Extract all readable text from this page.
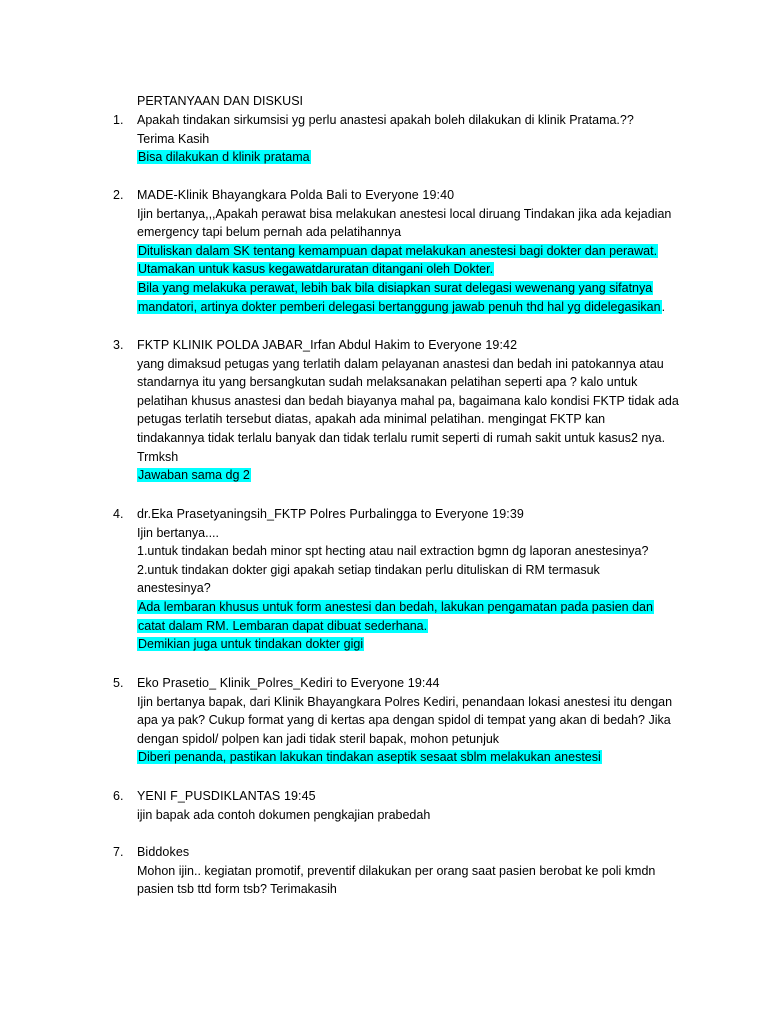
PERTANYAAN DAN DISKUSI
1. Apakah tindakan sirkumsisi yg perlu anastesi apakah boleh dilakukan di klinik Pratama.??
Terima Kasih
Bisa dilakukan d klinik pratama
2. MADE-Klinik Bhayangkara Polda Bali to Everyone 19:40
Ijin bertanya,,,Apakah perawat bisa melakukan anestesi local diruang Tindakan jika ada kejadian
emergency tapi belum pernah ada pelatihannya
Dituliskan dalam SK tentang kemampuan dapat melakukan anestesi bagi dokter dan perawat.
Utamakan untuk kasus kegawatdaruratan ditangani oleh Dokter.
Bila yang melakuka perawat, lebih bak bila disiapkan surat delegasi wewenang yang sifatnya
mandatori, artinya dokter pemberi delegasi bertanggung jawab penuh thd hal yg didelegasikan.
3. FKTP KLINIK POLDA JABAR_Irfan Abdul Hakim to Everyone 19:42
yang dimaksud petugas yang terlatih dalam pelayanan anastesi dan bedah ini patokannya atau
standarnya itu yang bersangkutan sudah melaksanakan pelatihan seperti apa ? kalo untuk
pelatihan khusus anastesi dan bedah biayanya mahal pa, bagaimana kalo kondisi FKTP tidak ada
petugas terlatih tersebut diatas, apakah ada minimal pelatihan. mengingat FKTP kan
tindakannya tidak terlalu banyak dan tidak terlalu rumit seperti di rumah sakit untuk kasus2 nya.
Trmksh
Jawaban sama dg 2
4. dr.Eka Prasetyaningsih_FKTP Polres Purbalingga to Everyone 19:39
Ijin bertanya....
1.untuk tindakan bedah minor spt hecting atau nail extraction bgmn dg laporan anestesinya?
2.untuk tindakan dokter gigi apakah setiap tindakan perlu dituliskan di RM termasuk
anestesinya?
Ada lembaran khusus untuk form anestesi dan bedah, lakukan pengamatan pada pasien dan
catat dalam RM. Lembaran dapat dibuat sederhana.
Demikian juga untuk tindakan dokter gigi
5. Eko Prasetio_ Klinik_Polres_Kediri to Everyone 19:44
Ijin bertanya bapak, dari Klinik Bhayangkara Polres Kediri, penandaan lokasi anestesi itu dengan
apa ya pak? Cukup format yang di kertas apa dengan spidol di tempat yang akan di bedah? Jika
dengan spidol/ polpen kan jadi tidak steril bapak, mohon petunjuk
Diberi penanda, pastikan lakukan tindakan aseptik sesaat sblm melakukan anestesi
6. YENI F_PUSDIKLANTAS 19:45
ijin bapak ada contoh dokumen pengkajian prabedah
7. Biddokes
Mohon ijin.. kegiatan promotif, preventif dilakukan per orang saat pasien berobat ke poli kmdn
pasien tsb ttd form tsb? Terimakasih
